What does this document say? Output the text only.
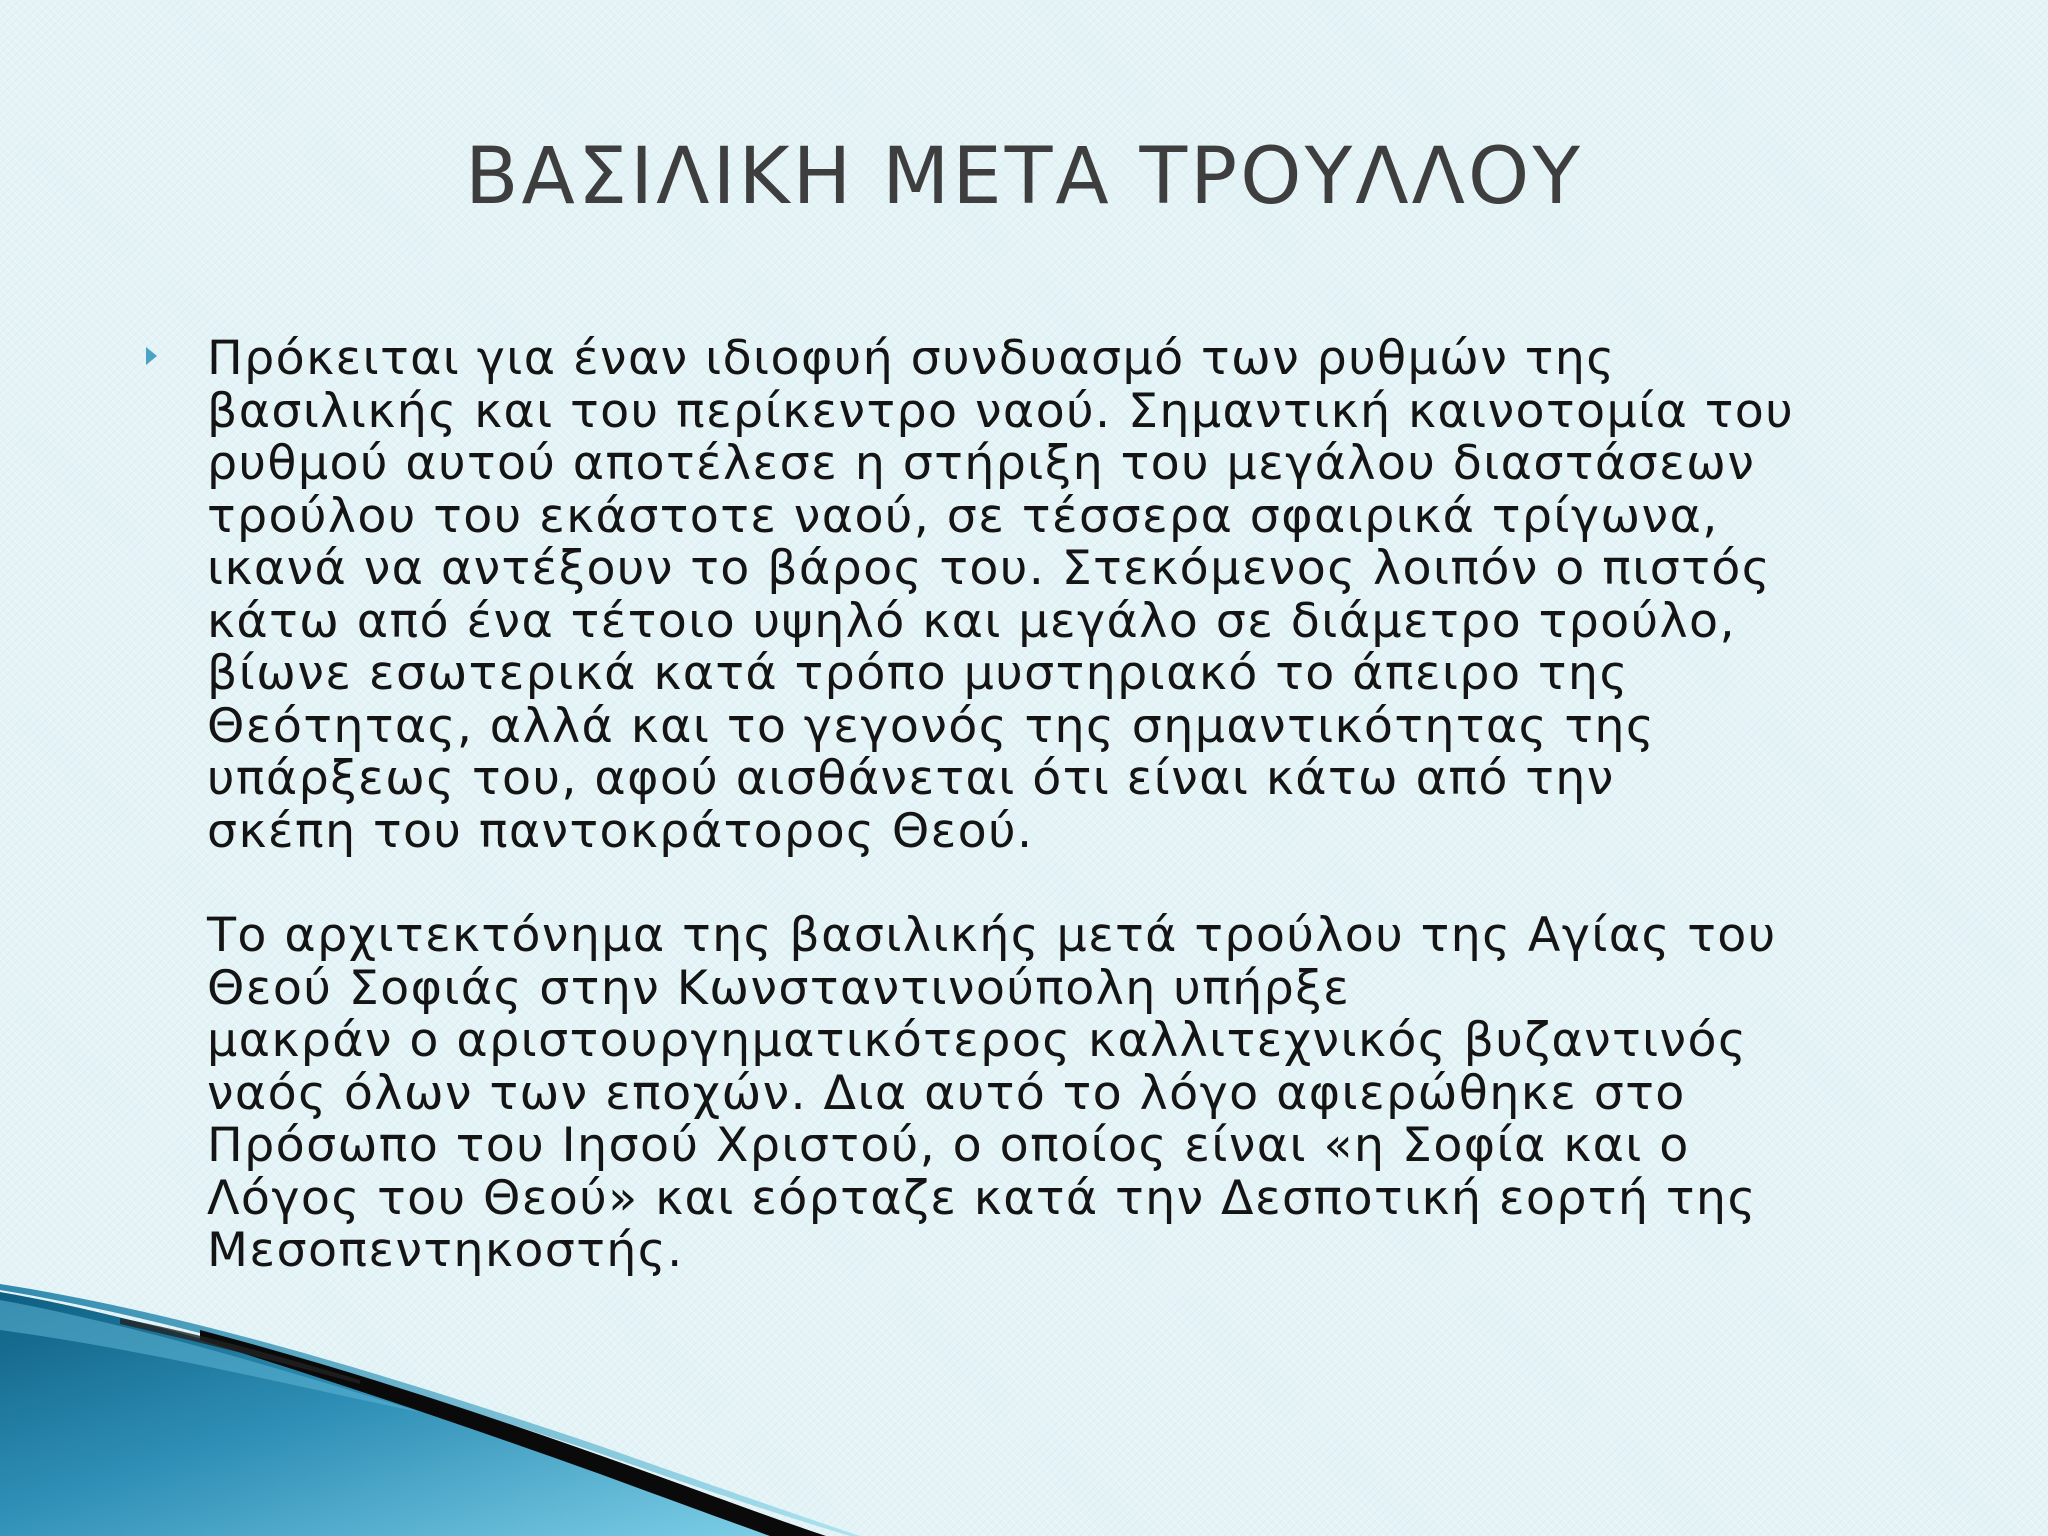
ΒΑΣΙΛΙΚΗ ΜΕΤΑ ΤΡΟΥΛΛΟΥ

Πρόκειται για έναν ιδιοφυή συνδυασμό των ρυθμών της
βασιλικής και του περίκεντρο ναού. Σημαντική καινοτομία του
ρυθμού αυτού αποτέλεσε η στήριξη του μεγάλου διαστάσεων
τρούλου του εκάστοτε ναού, σε τέσσερα σφαιρικά τρίγωνα,
ικανά να αντέξουν το βάρος του. Στεκόμενος λοιπόν ο πιστός
κάτω από ένα τέτοιο υψηλό και μεγάλο σε διάμετρο τρούλο,
βίωνε εσωτερικά κατά τρόπο μυστηριακό το άπειρο της
Θεότητας, αλλά και το γεγονός της σημαντικότητας της
υπάρξεως του, αφού αισθάνεται ότι είναι κάτω από την
σκέπη του παντοκράτορος Θεού.

Το αρχιτεκτόνημα της βασιλικής μετά τρούλου της Αγίας του
Θεού Σοφιάς στην Κωνσταντινούπολη υπήρξε
μακράν ο αριστουργηματικότερος καλλιτεχνικός βυζαντινός
ναός όλων των εποχών. Δια αυτό το λόγο αφιερώθηκε στο
Πρόσωπο του Ιησού Χριστού, ο οποίος είναι «η Σοφία και ο
Λόγος του Θεού» και εόρταζε κατά την Δεσποτική εορτή της
Μεσοπεντηκοστής.
